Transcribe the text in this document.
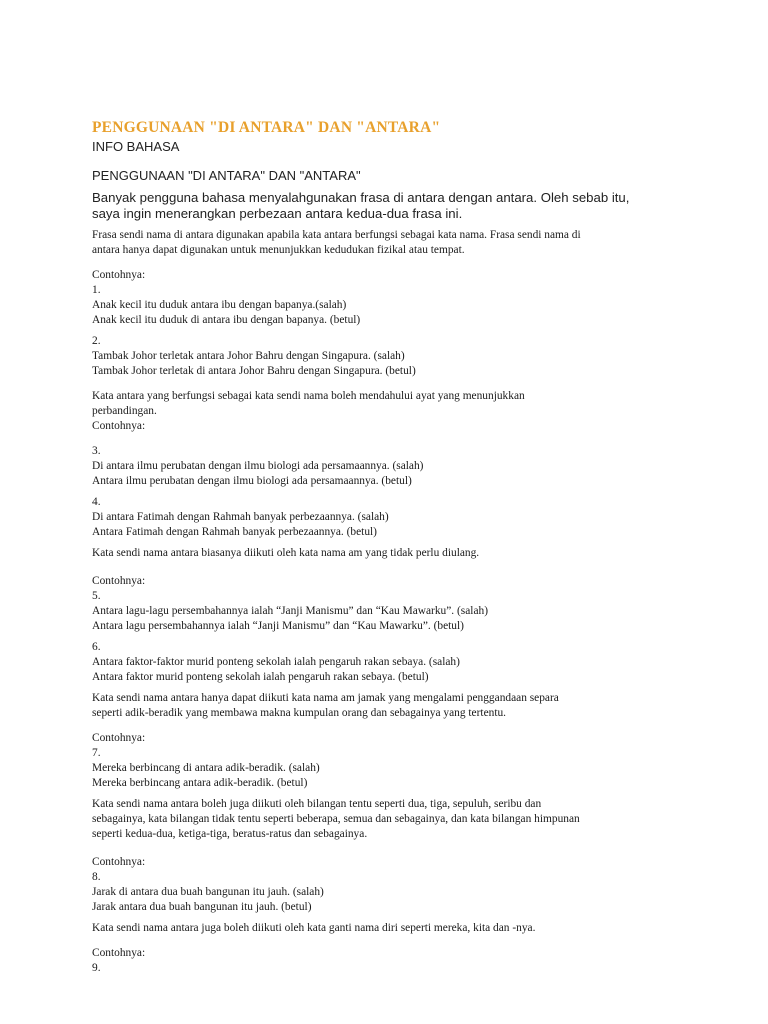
PENGGUNAAN "DI ANTARA" DAN "ANTARA"
INFO BAHASA
PENGGUNAAN "DI ANTARA" DAN "ANTARA"
Banyak pengguna bahasa menyalahgunakan frasa di antara dengan antara. Oleh sebab itu,
saya ingin menerangkan perbezaan antara kedua-dua frasa ini.
Frasa sendi nama di antara digunakan apabila kata antara berfungsi sebagai kata nama. Frasa sendi nama di
antara hanya dapat digunakan untuk menunjukkan kedudukan fizikal atau tempat.
Contohnya:
1.
Anak kecil itu duduk antara ibu dengan bapanya.(salah)
Anak kecil itu duduk di antara ibu dengan bapanya. (betul)
2.
Tambak Johor terletak antara Johor Bahru dengan Singapura. (salah)
Tambak Johor terletak di antara Johor Bahru dengan Singapura. (betul)
Kata antara yang berfungsi sebagai kata sendi nama boleh mendahului ayat yang menunjukkan
perbandingan.
Contohnya:
3.
Di antara ilmu perubatan dengan ilmu biologi ada persamaannya. (salah)
Antara ilmu perubatan dengan ilmu biologi ada persamaannya. (betul)
4.
Di antara Fatimah dengan Rahmah banyak perbezaannya. (salah)
Antara Fatimah dengan Rahmah banyak perbezaannya. (betul)
Kata sendi nama antara biasanya diikuti oleh kata nama am yang tidak perlu diulang.
Contohnya:
5.
Antara lagu-lagu persembahannya ialah “Janji Manismu” dan “Kau Mawarku”. (salah)
Antara lagu persembahannya ialah “Janji Manismu” dan “Kau Mawarku”. (betul)
6.
Antara faktor-faktor murid ponteng sekolah ialah pengaruh rakan sebaya. (salah)
Antara faktor murid ponteng sekolah ialah pengaruh rakan sebaya. (betul)
Kata sendi nama antara hanya dapat diikuti kata nama am jamak yang mengalami penggandaan separa
seperti adik-beradik yang membawa makna kumpulan orang dan sebagainya yang tertentu.
Contohnya:
7.
Mereka berbincang di antara adik-beradik. (salah)
Mereka berbincang antara adik-beradik. (betul)
Kata sendi nama antara boleh juga diikuti oleh bilangan tentu seperti dua, tiga, sepuluh, seribu dan
sebagainya, kata bilangan tidak tentu seperti beberapa, semua dan sebagainya, dan kata bilangan himpunan
seperti kedua-dua, ketiga-tiga, beratus-ratus dan sebagainya.
Contohnya:
8.
Jarak di antara dua buah bangunan itu jauh. (salah)
Jarak antara dua buah bangunan itu jauh. (betul)
Kata sendi nama antara juga boleh diikuti oleh kata ganti nama diri seperti mereka, kita dan -nya.
Contohnya:
9.
